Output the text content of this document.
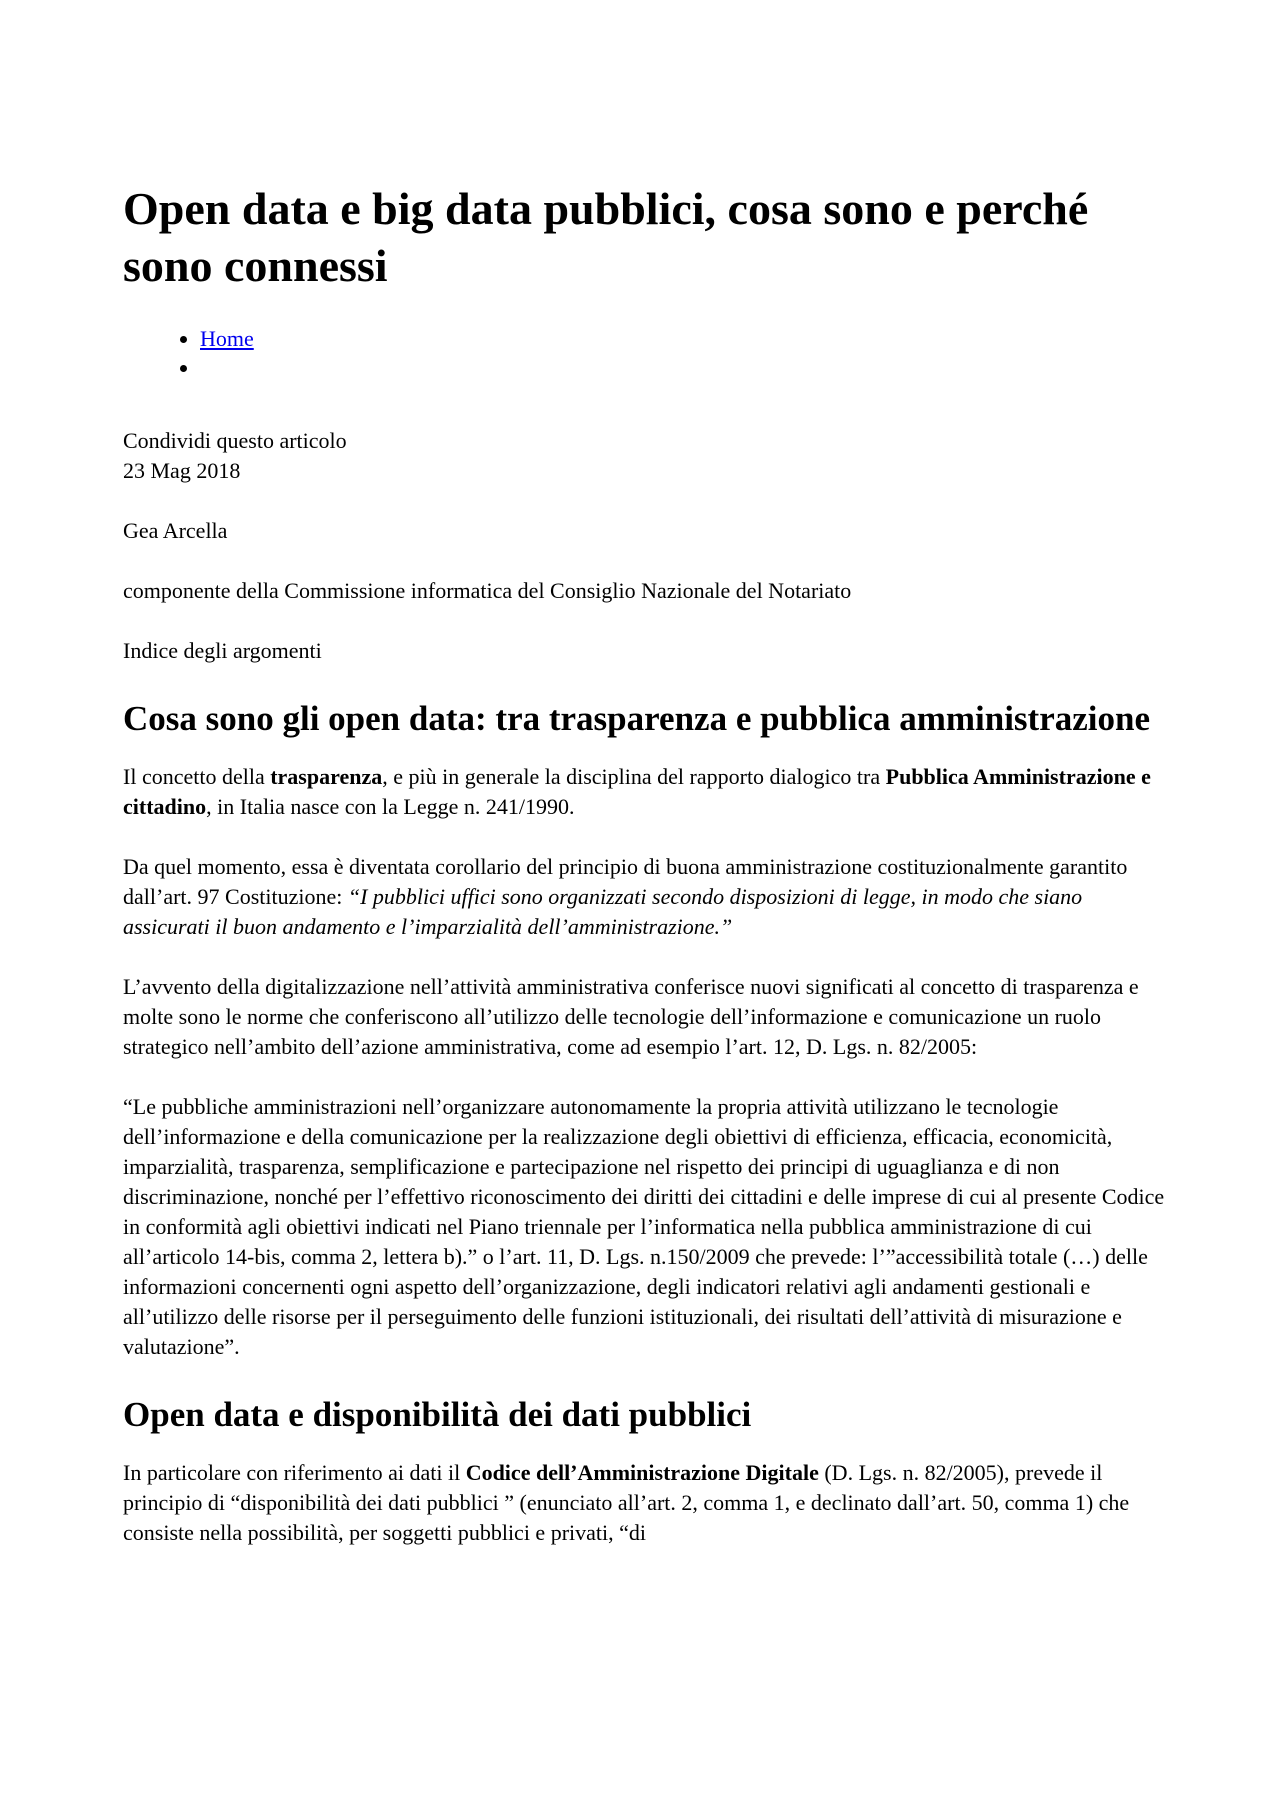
Open data e big data pubblici, cosa sono e perché sono connessi
• Home
•
Condividi questo articolo
23 Mag 2018

Gea Arcella

componente della Commissione informatica del Consiglio Nazionale del Notariato

Indice degli argomenti

Cosa sono gli open data: tra trasparenza e pubblica amministrazione

Il concetto della trasparenza, e più in generale la disciplina del rapporto dialogico tra Pubblica Amministrazione e cittadino, in Italia nasce con la Legge n. 241/1990.

Da quel momento, essa è diventata corollario del principio di buona amministrazione costituzionalmente garantito dall’art. 97 Costituzione: “I pubblici uffici sono organizzati secondo disposizioni di legge, in modo che siano assicurati il buon andamento e l’imparzialità dell’amministrazione.”

L’avvento della digitalizzazione nell’attività amministrativa conferisce nuovi significati al concetto di trasparenza e molte sono le norme che conferiscono all’utilizzo delle tecnologie dell’informazione e comunicazione un ruolo strategico nell’ambito dell’azione amministrativa, come ad esempio l’art. 12, D. Lgs. n. 82/2005:

“Le pubbliche amministrazioni nell’organizzare autonomamente la propria attività utilizzano le tecnologie dell’informazione e della comunicazione per la realizzazione degli obiettivi di efficienza, efficacia, economicità, imparzialità, trasparenza, semplificazione e partecipazione nel rispetto dei principi di uguaglianza e di non discriminazione, nonché per l’effettivo riconoscimento dei diritti dei cittadini e delle imprese di cui al presente Codice in conformità agli obiettivi indicati nel Piano triennale per l’informatica nella pubblica amministrazione di cui all’articolo 14-bis, comma 2, lettera b).” o l’art. 11, D. Lgs. n.150/2009 che prevede: l’”accessibilità totale (…) delle informazioni concernenti ogni aspetto dell’organizzazione, degli indicatori relativi agli andamenti gestionali e all’utilizzo delle risorse per il perseguimento delle funzioni istituzionali, dei risultati dell’attività di misurazione e valutazione”.

Open data e disponibilità dei dati pubblici

In particolare con riferimento ai dati il Codice dell’Amministrazione Digitale (D. Lgs. n. 82/2005), prevede il principio di “disponibilità dei dati pubblici ” (enunciato all’art. 2, comma 1, e declinato dall’art. 50, comma 1) che consiste nella possibilità, per soggetti pubblici e privati, “di
